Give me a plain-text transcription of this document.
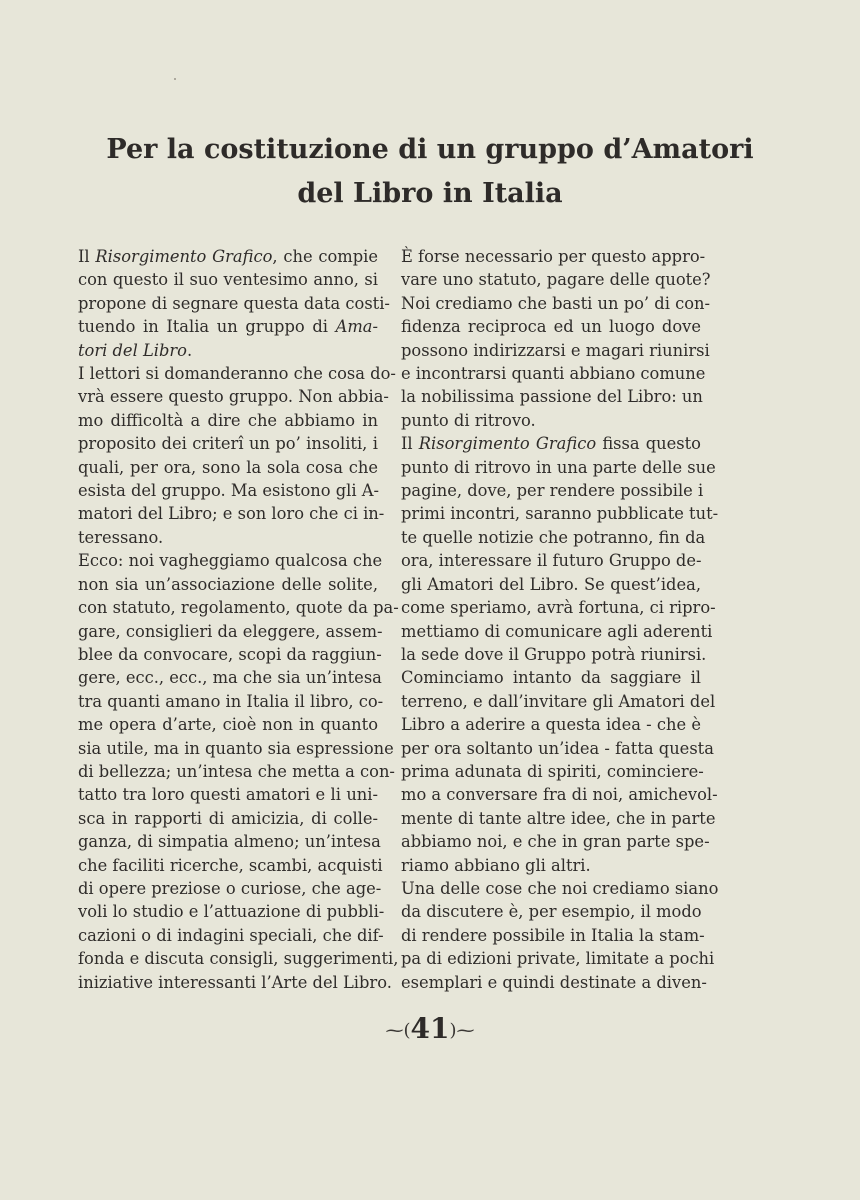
Per la costituzione di un gruppo d’Amatori
del Libro in Italia
Il Risorgimento Grafico, che compie
con questo il suo ventesimo anno, si
propone di segnare questa data costi-
tuendo in Italia un gruppo di Ama-
tori del Libro.
I lettori si domanderanno che cosa do-
vrà essere questo gruppo. Non abbia-
mo difficoltà a dire che abbiamo in
proposito dei criterî un po’ insoliti, i
quali, per ora, sono la sola cosa che
esista del gruppo. Ma esistono gli A-
matori del Libro; e son loro che ci in-
teressano.
Ecco: noi vagheggiamo qualcosa che
non sia un’associazione delle solite,
con statuto, regolamento, quote da pa-
gare, consiglieri da eleggere, assem-
blee da convocare, scopi da raggiun-
gere, ecc., ecc., ma che sia un’intesa
tra quanti amano in Italia il libro, co-
me opera d’arte, cioè non in quanto
sia utile, ma in quanto sia espressione
di bellezza; un’intesa che metta a con-
tatto tra loro questi amatori e li uni-
sca in rapporti di amicizia, di colle-
ganza, di simpatia almeno; un’intesa
che faciliti ricerche, scambi, acquisti
di opere preziose o curiose, che age-
voli lo studio e l’attuazione di pubbli-
cazioni o di indagini speciali, che dif-
fonda e discuta consigli, suggerimenti,
iniziative interessanti l’Arte del Libro.
È forse necessario per questo appro-
vare uno statuto, pagare delle quote?
Noi crediamo che basti un po’ di con-
fidenza reciproca ed un luogo dove
possono indirizzarsi e magari riunirsi
e incontrarsi quanti abbiano comune
la nobilissima passione del Libro: un
punto di ritrovo.
Il Risorgimento Grafico fissa questo
punto di ritrovo in una parte delle sue
pagine, dove, per rendere possibile i
primi incontri, saranno pubblicate tut-
te quelle notizie che potranno, fin da
ora, interessare il futuro Gruppo de-
gli Amatori del Libro. Se quest’idea,
come speriamo, avrà fortuna, ci ripro-
mettiamo di comunicare agli aderenti
la sede dove il Gruppo potrà riunirsi.
Cominciamo intanto da saggiare il
terreno, e dall’invitare gli Amatori del
Libro a aderire a questa idea - che è
per ora soltanto un’idea - fatta questa
prima adunata di spiriti, comincierе-
mo a conversare fra di noi, amichevol-
mente di tante altre idee, che in parte
abbiamo noi, e che in gran parte spe-
riamo abbiano gli altri.
Una delle cose che noi crediamo siano
da discutere è, per esempio, il modo
di rendere possibile in Italia la stam-
pa di edizioni private, limitate a pochi
esemplari e quindi destinate a diven-
⁓(41)⁓
